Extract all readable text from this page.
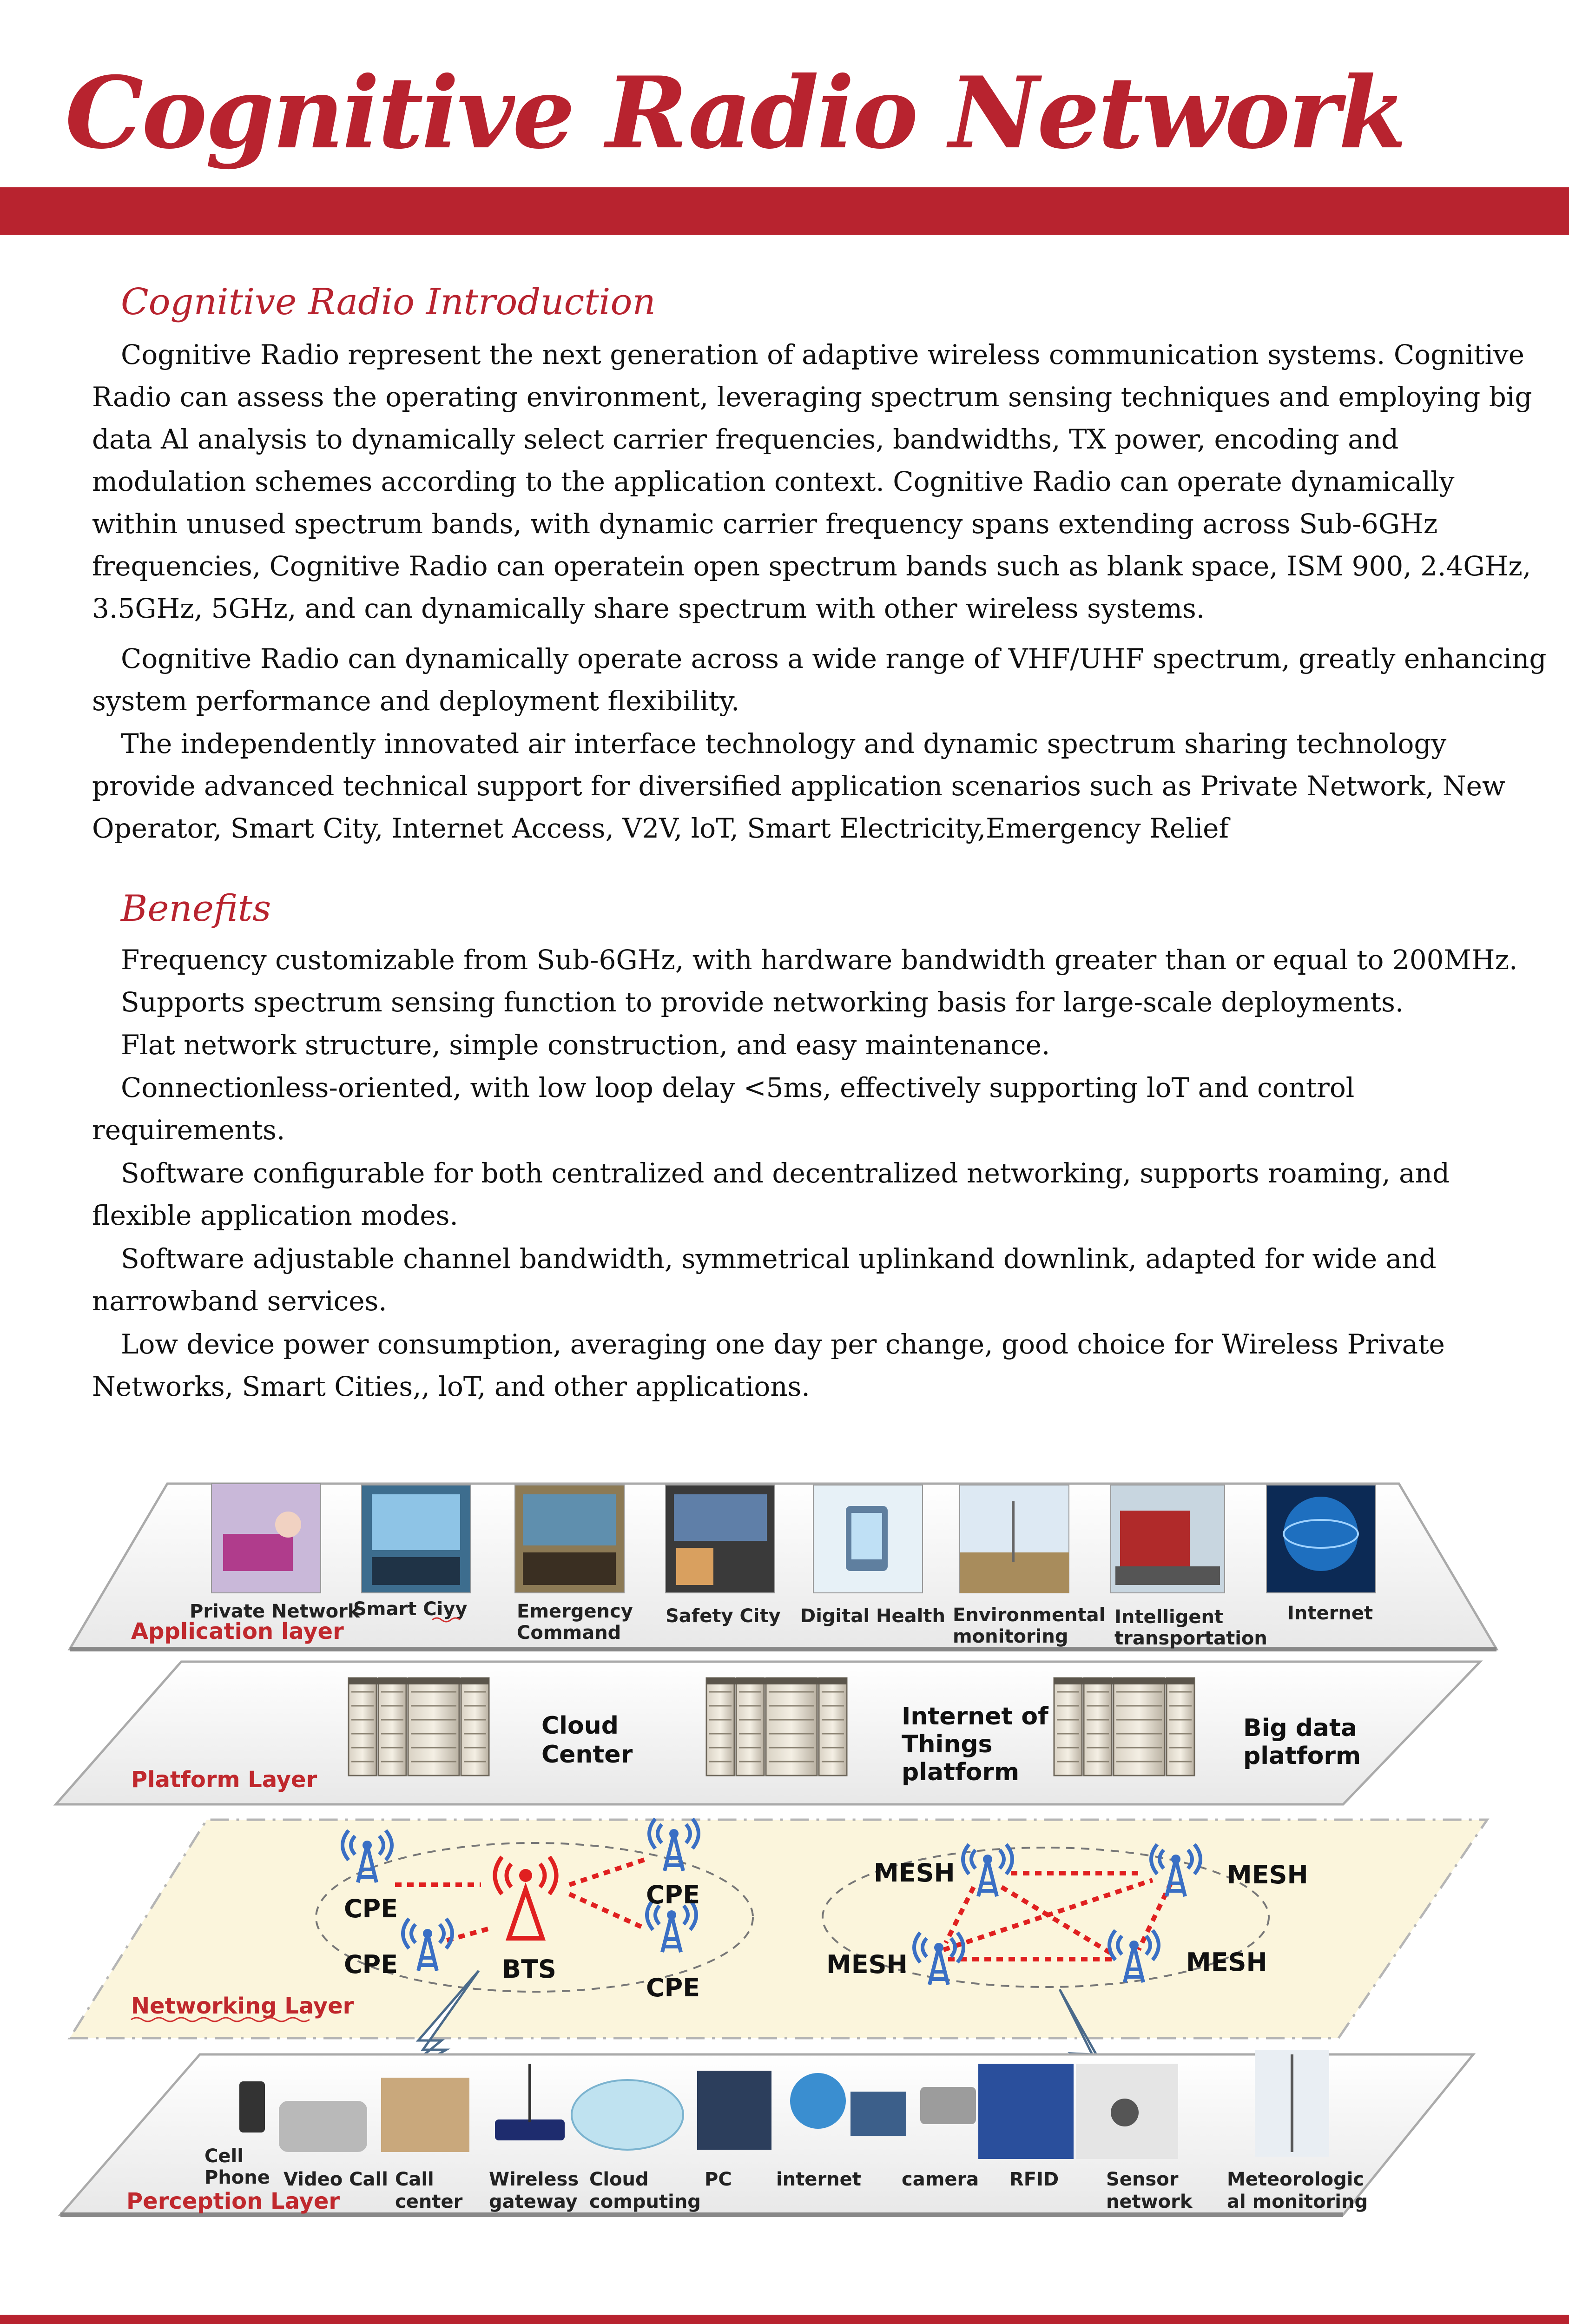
Cognitive Radio Network
Cognitive Radio Introduction
Cognitive Radio represent the next generation of adaptive wireless communication systems. Cognitive
Radio can assess the operating environment, leveraging spectrum sensing techniques and employing big
data Al analysis to dynamically select carrier frequencies, bandwidths, TX power, encoding and
modulation schemes according to the application context. Cognitive Radio can operate dynamically
within unused spectrum bands, with dynamic carrier frequency spans extending across Sub-6GHz
frequencies, Cognitive Radio can operatein open spectrum bands such as blank space, ISM 900, 2.4GHz,
3.5GHz, 5GHz, and can dynamically share spectrum with other wireless systems.
Cognitive Radio can dynamically operate across a wide range of VHF/UHF spectrum, greatly enhancing
system performance and deployment flexibility.
The independently innovated air interface technology and dynamic spectrum sharing technology
provide advanced technical support for diversified application scenarios such as Private Network, New
Operator, Smart City, Internet Access, V2V, loT, Smart Electricity,Emergency Relief
Benefits
Frequency customizable from Sub-6GHz, with hardware bandwidth greater than or equal to 200MHz.
Supports spectrum sensing function to provide networking basis for large-scale deployments.
Flat network structure, simple construction, and easy maintenance.
Connectionless-oriented, with low loop delay <5ms, effectively supporting loT and control
requirements.
Software configurable for both centralized and decentralized networking, supports roaming, and
flexible application modes.
Software adjustable channel bandwidth, symmetrical uplinkand downlink, adapted for wide and
narrowband services.
Low device power consumption, averaging one day per change, good choice for Wireless Private
Networks, Smart Cities,, loT, and other applications.
Private Network
Smart Ciyy	Emergency
Command
Safety City Digital Health Environmental
monitoring
Intelligent
transportation
Internet
Application layer
Cloud
Center
Internet of
Things
platform
Big data
platform
Platform Layer
BTS
CPE
CPE
CPE
CPE
MESH	MESH
MESH	MESH
Networking Layer
Cell
Phone Video Call Call
center
Wireless
gateway
Cloud
computing
PC internet camera RFID	Sensor
network
Meteorologic
al monitoring
Perception Layer
